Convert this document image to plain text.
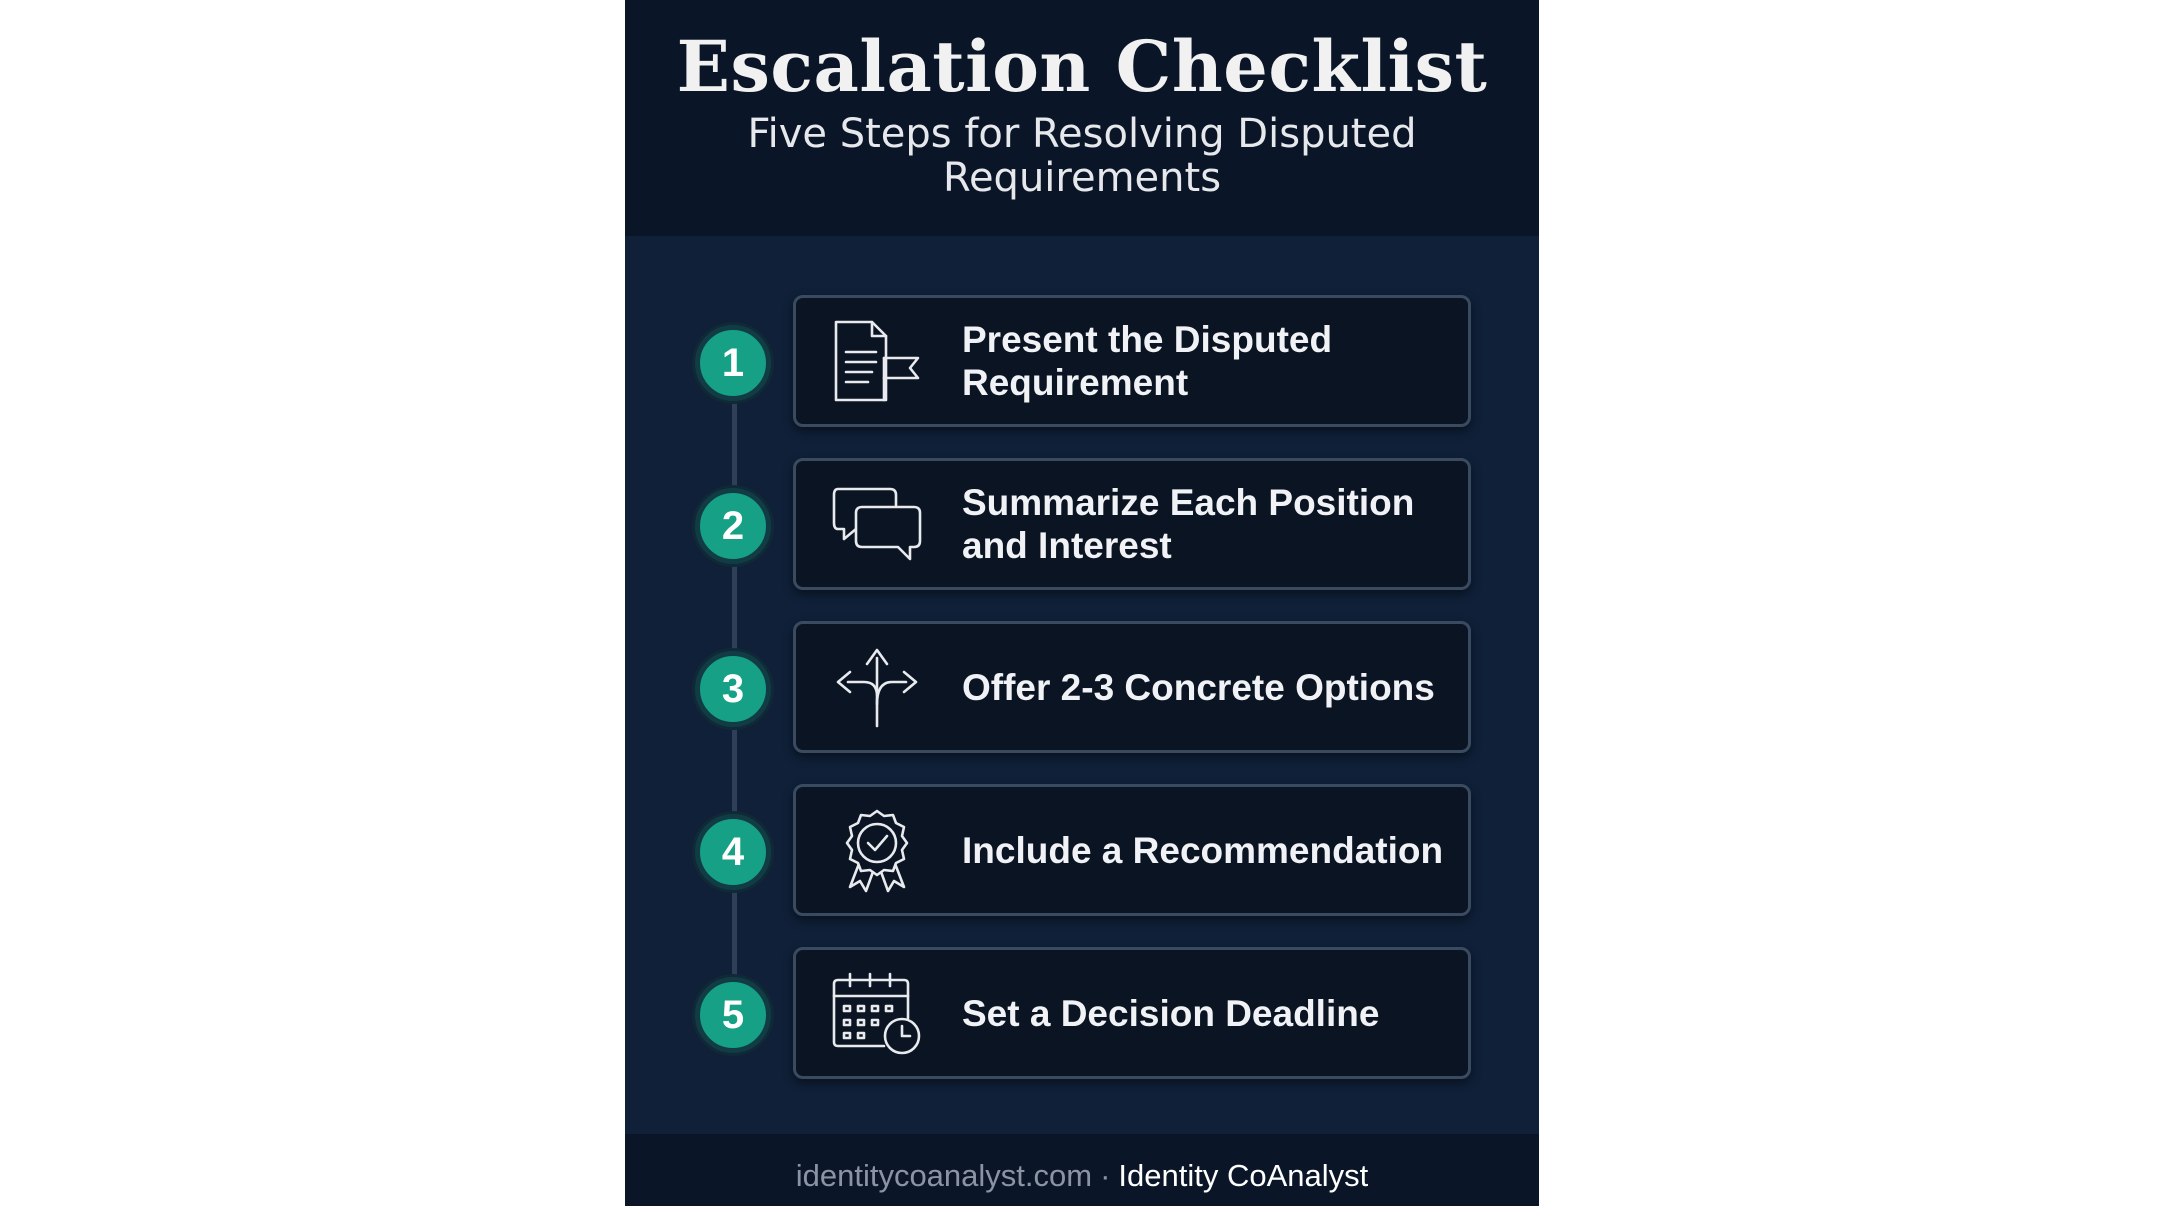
Escalation Checklist
Five Steps for Resolving Disputed Requirements
1
Present the Disputed Requirement
2
Summarize Each Position and Interest
3	Offer 2-3 Concrete Options
4	Include a Recommendation
5	Set a Decision Deadline
identitycoanalyst.com · Identity CoAnalyst
